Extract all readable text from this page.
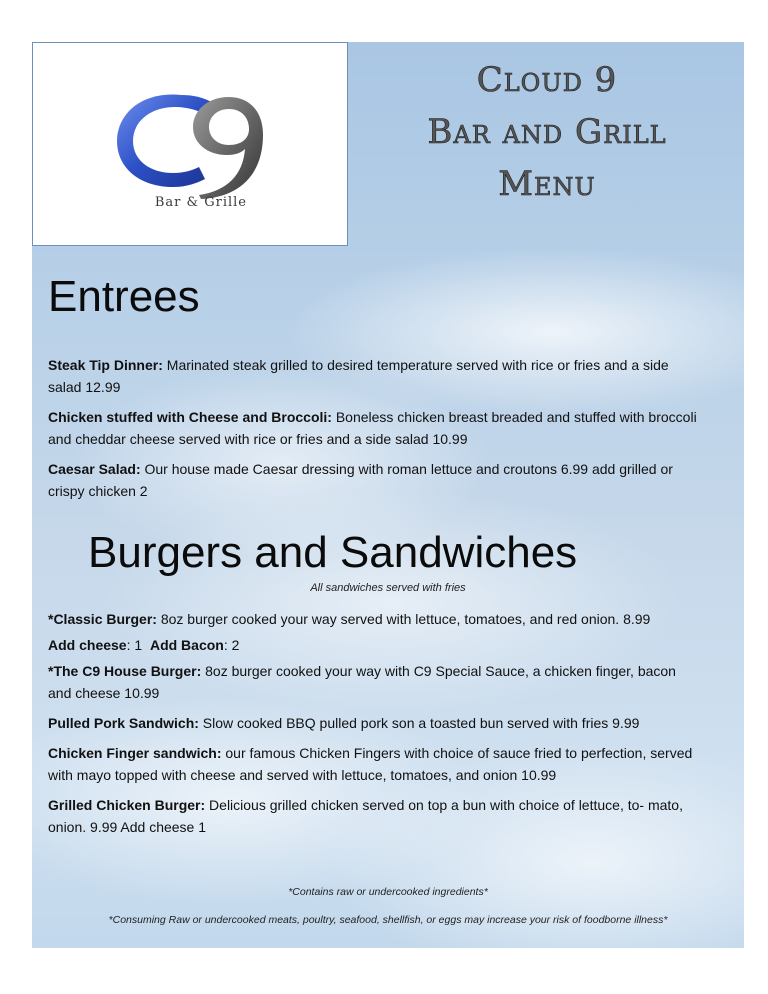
Bar & Grille
Cloud 9
Bar and Grill
Menu
Entrees

Steak Tip Dinner: Marinated steak grilled to desired temperature served with rice or fries and a side salad 12.99

Chicken stuffed with Cheese and Broccoli: Boneless chicken breast breaded and stuffed with broccoli and cheddar cheese served with rice or fries and a side salad 10.99

Caesar Salad: Our house made Caesar dressing with roman lettuce and croutons 6.99 add grilled or crispy chicken 2

Burgers and Sandwiches
All sandwiches served with fries

*Classic Burger: 8oz burger cooked your way served with lettuce, tomatoes, and red onion. 8.99

Add cheese: 1 Add Bacon: 2

*The C9 House Burger: 8oz burger cooked your way with C9 Special Sauce, a chicken finger, bacon and cheese 10.99

Pulled Pork Sandwich: Slow cooked BBQ pulled pork son a toasted bun served with fries 9.99

Chicken Finger sandwich: our famous Chicken Fingers with choice of sauce fried to perfection, served with mayo topped with cheese and served with lettuce, tomatoes, and onion 10.99

Grilled Chicken Burger: Delicious grilled chicken served on top a bun with choice of lettuce, to- mato, onion. 9.99 Add cheese 1

*Contains raw or undercooked ingredients*
*Consuming Raw or undercooked meats, poultry, seafood, shellfish, or eggs may increase your risk of foodborne illness*
